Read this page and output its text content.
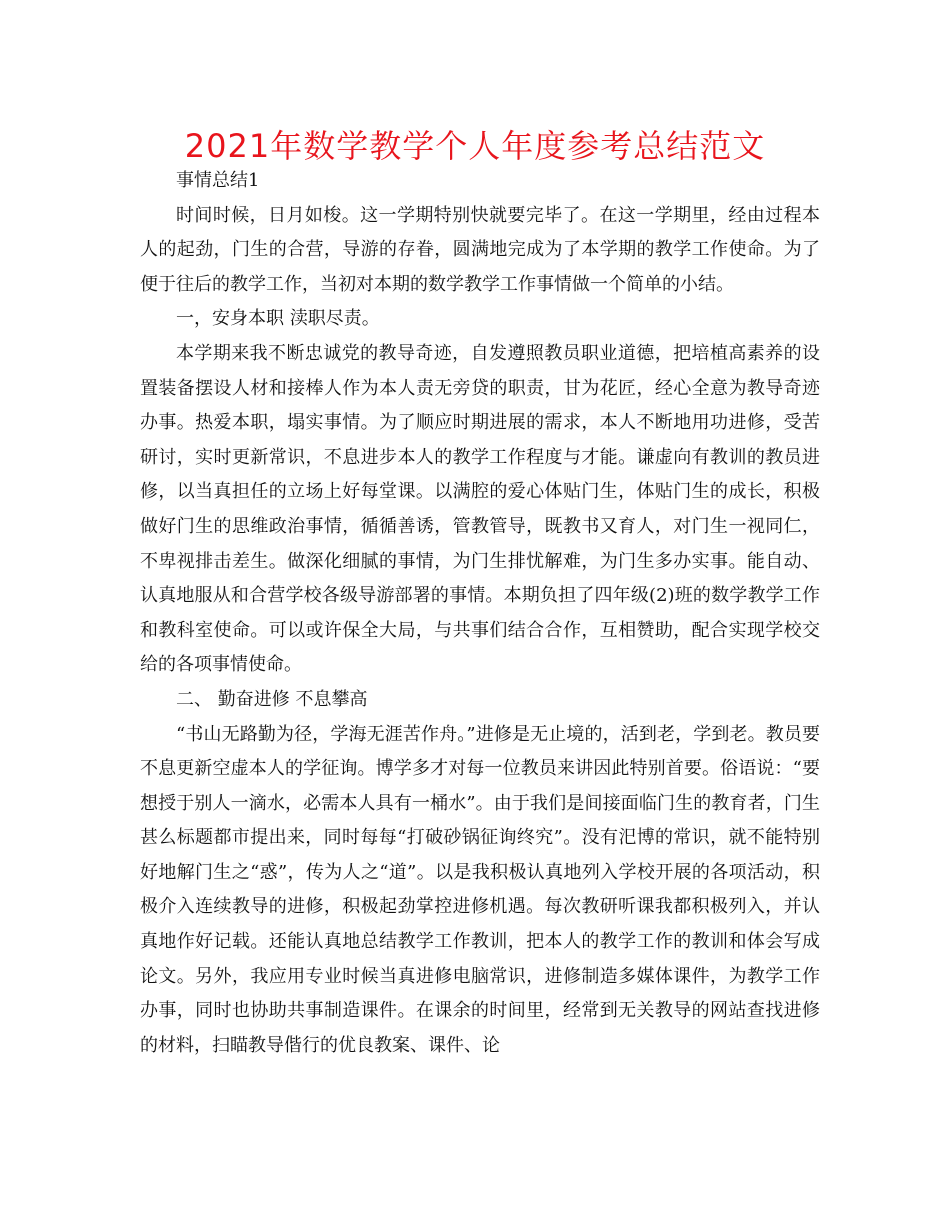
2021年数学教学个人年度参考总结范文

事情总结1

时间时候，日月如梭。这一学期特别快就要完毕了。在这一学期里，经由过程本人的起劲，门生的合营，导游的存眷，圆满地完成为了本学期的教学工作使命。为了便于往后的教学工作，当初对本期的数学教学工作事情做一个简单的小结。

一，安身本职 渎职尽责。

本学期来我不断忠诚党的教导奇迹，自发遵照教员职业道德，把培植高素养的设置装备摆设人材和接棒人作为本人责无旁贷的职责，甘为花匠，经心全意为教导奇迹办事。热爱本职，塌实事情。为了顺应时期进展的需求，本人不断地用功进修，受苦研讨，实时更新常识，不息进步本人的教学工作程度与才能。谦虚向有教训的教员进修，以当真担任的立场上好每堂课。以满腔的爱心体贴门生，体贴门生的成长，积极做好门生的思维政治事情，循循善诱，管教管导，既教书又育人，对门生一视同仁，不卑视排击差生。做深化细腻的事情，为门生排忧解难，为门生多办实事。能自动、认真地服从和合营学校各级导游部署的事情。本期负担了四年级(2)班的数学教学工作和教科室使命。可以或许保全大局，与共事们结合合作，互相赞助，配合实现学校交给的各项事情使命。

二、 勤奋进修 不息攀高

“书山无路勤为径，学海无涯苦作舟。”进修是无止境的，活到老，学到老。教员要不息更新空虚本人的学征询。博学多才对每一位教员来讲因此特别首要。俗语说：“要想授于别人一滴水，必需本人具有一桶水”。由于我们是间接面临门生的教育者，门生甚么标题都市提出来，同时每每“打破砂锅征询终究”。没有汜博的常识，就不能特别好地解门生之“惑”，传为人之“道”。以是我积极认真地列入学校开展的各项活动，积极介入连续教导的进修，积极起劲掌控进修机遇。每次教研听课我都积极列入，并认真地作好记载。还能认真地总结教学工作教训，把本人的教学工作的教训和体会写成论文。另外，我应用专业时候当真进修电脑常识，进修制造多媒体课件，为教学工作办事，同时也协助共事制造课件。在课余的时间里，经常到无关教导的网站查找进修的材料，扫瞄教导偕行的优良教案、课件、论
